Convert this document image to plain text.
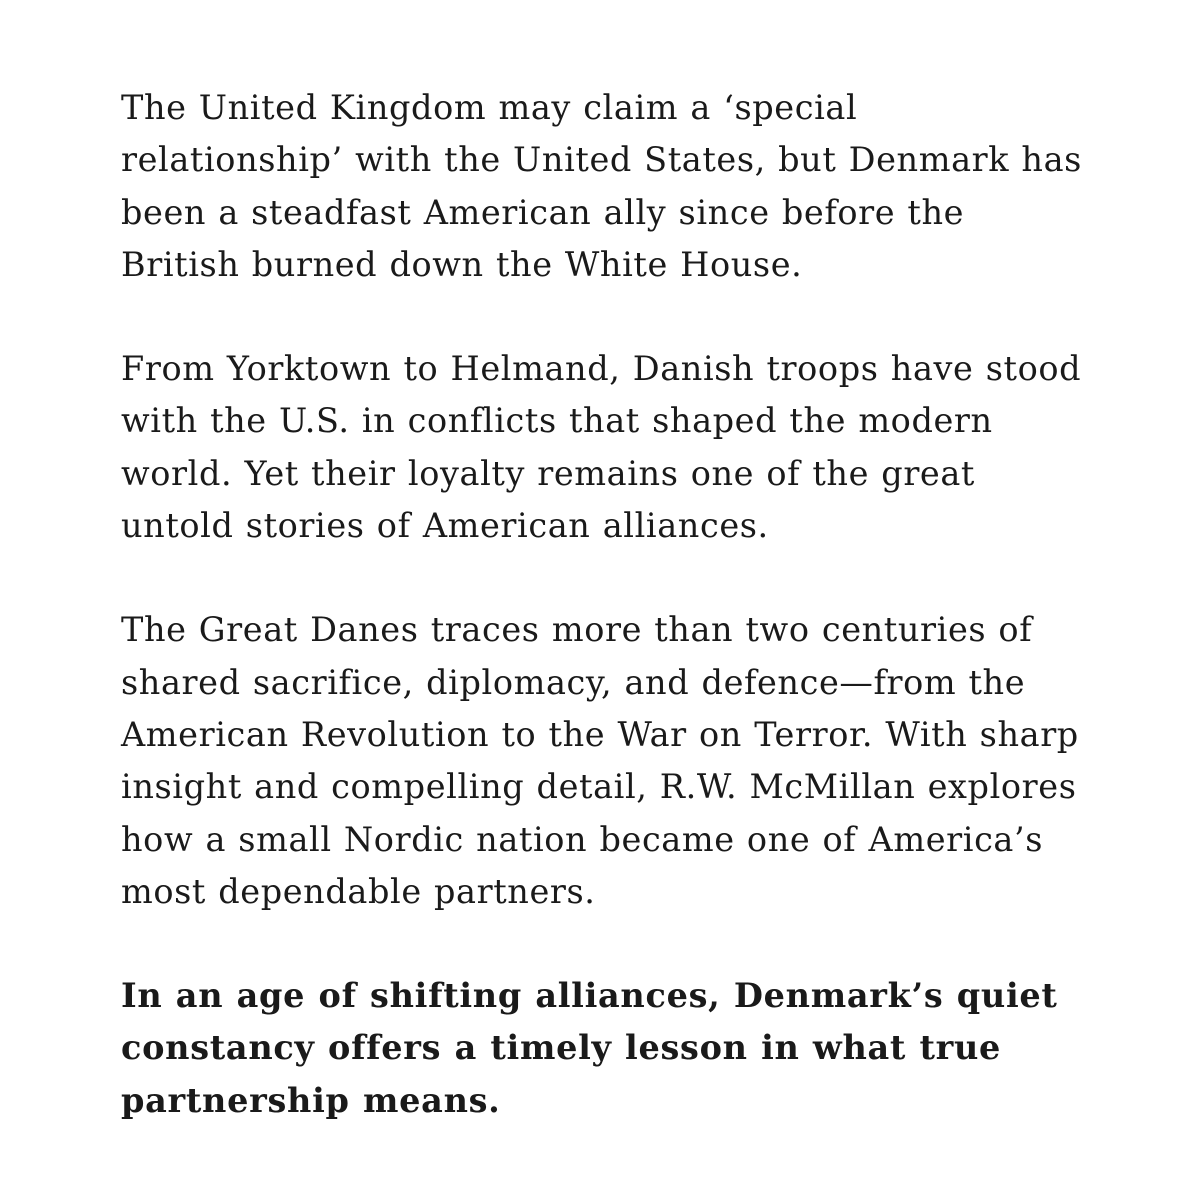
The United Kingdom may claim a ‘special relationship’ with the United States, but Denmark has been a steadfast American ally since before the British burned down the White House.

From Yorktown to Helmand, Danish troops have stood with the U.S. in conflicts that shaped the modern world. Yet their loyalty remains one of the great untold stories of American alliances.

The Great Danes traces more than two centuries of shared sacrifice, diplomacy, and defence—from the American Revolution to the War on Terror. With sharp insight and compelling detail, R.W. McMillan explores how a small Nordic nation became one of America’s most dependable partners.

In an age of shifting alliances, Denmark’s quiet constancy offers a timely lesson in what true partnership means.
